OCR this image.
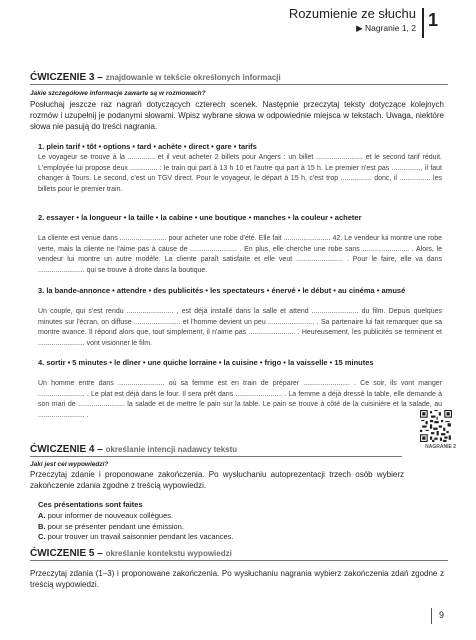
Rozumienie ze słuchu
▶ Nagranie 1, 2 1
ĆWICZENIE 3 – znajdowanie w tekście określonych informacji
Jakie szczegółowe informacje zawarte są w rozmowach?
Posłuchaj jeszcze raz nagrań dotyczących czterech scenek. Następnie przeczytaj teksty dotyczące kolejnych rozmów i uzupełnij je podanymi słowami. Wpisz wybrane słowa w odpowiednie miejsca w tekstach. Uwaga, niektóre słowa nie pasują do treści nagrania.
1. plein tarif • tôt • options • tard • achète • direct • gare • tarifs
Le voyageur se trouve à la .............. et il veut acheter 2 billets pour Angers : un billet ........................ et le second tarif réduit. L'employée lui propose deux .............. : le train qui part à 13 h 10 et l'autre qui part à 15 h. Le premier n'est pas ..............., il faut changer à Tours. Le second, c'est un TGV direct. Pour le voyageur, le départ à 15 h, c'est trop ................ donc, il ................ les billets pour le premier train.
2. essayer • la longueur • la taille • la cabine • une boutique • manches • la couleur • acheter
La cliente est venue dans ........................ pour acheter une robe d'été. Elle fait ........................ 42. Le vendeur lui montre une robe verte, mais la cliente ne l'aime pas à cause de ........................ . En plus, elle cherche une robe sans ........................ . Alors, le vendeur lui montre un autre modèle. La cliente paraît satisfaite et elle veut ........................ . Pour le faire, elle va dans ........................ qui se trouve à droite dans la boutique.
3. la bande-annonce • attendre • des publicités • les spectateurs • énervé • le début • au cinéma • amusé
Un couple, qui s'est rendu ........................ , est déjà installé dans la salle et attend ........................ du film. Depuis quelques minutes sur l'écran, on diffuse ........................ et l'homme devient un peu ........................ . Sa partenaire lui fait remarquer que sa montre avance. Il répond alors que, tout simplement, il n'aime pas ........................ . Heureusement, les publicités se terminent et ........................ vont visionner le film.
4. sortir • 5 minutes • le dîner • une quiche lorraine • la cuisine • frigo • la vaisselle • 15 minutes
Un homme entre dans ........................ où sa femme est en train de préparer ........................ . Ce soir, ils vont manger ........................ . Le plat est déjà dans le four. Il sera prêt dans ........................ . La femme a déjà dressé la table, elle demande à son mari de ........................ la salade et de mettre le pain sur la table. Le pain se trouve à côté de la cuisinière et la salade, au ........................ .
ĆWICZENIE 4 – określanie intencji nadawcy tekstu
Jaki jest cel wypowiedzi?
Przeczytaj zdanie i proponowane zakończenia. Po wysłuchaniu autoprezentacji trzech osób wybierz zakończenie zdania zgodne z treścią wypowiedzi.
NAGRANIE 2
Ces présentations sont faites
A. pour informer de nouveaux collègues.
B. pour se présenter pendant une émission.
C. pour trouver un travail saisonnier pendant les vacances.
ĆWICZENIE 5 – określanie kontekstu wypowiedzi
Przeczytaj zdania (1–3) i proponowane zakończenia. Po wysłuchaniu nagrania wybierz zakończenia zdań zgodne z treścią wypowiedzi.
9
